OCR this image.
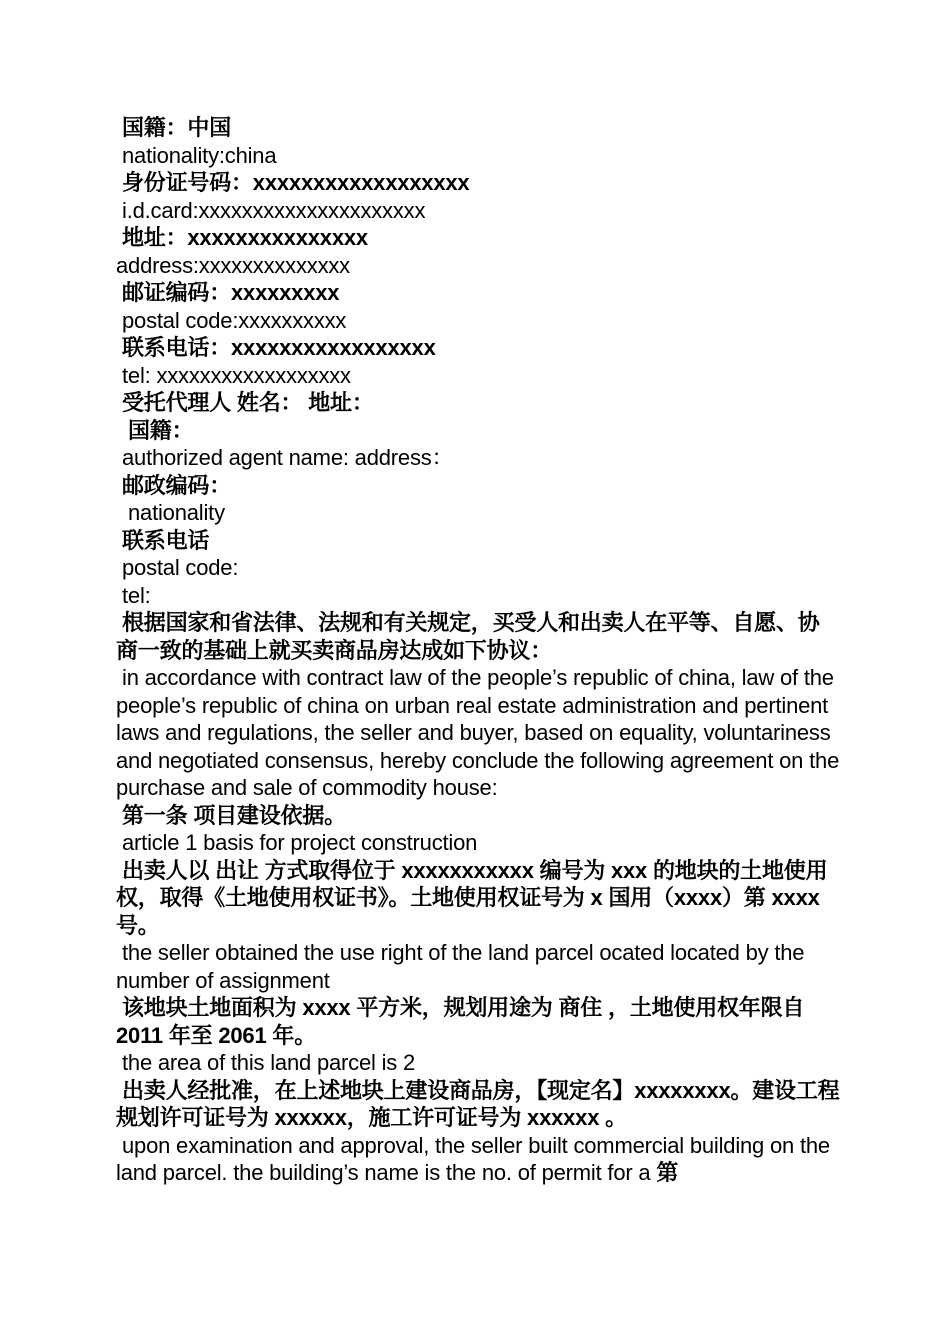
国籍：中国
nationality:china
身份证号码：xxxxxxxxxxxxxxxxxx
i.d.card:xxxxxxxxxxxxxxxxxxxxx
地址：xxxxxxxxxxxxxxx
address:xxxxxxxxxxxxxx
邮证编码：xxxxxxxxx
postal code:xxxxxxxxxx
联系电话：xxxxxxxxxxxxxxxxx
tel: xxxxxxxxxxxxxxxxxx
受托代理人 姓名： 地址：
国籍：
authorized agent name: address：
邮政编码：
nationality
联系电话
postal code:
tel:
根据国家和省法律、法规和有关规定，买受人和出卖人在平等、自愿、协商一致的基础上就买卖商品房达成如下协议：
in accordance with contract law of the people’s republic of china, law of the people’s republic of china on urban real estate administration and pertinent laws and regulations, the seller and buyer, based on equality, voluntariness and negotiated consensus, hereby conclude the following agreement on the purchase and sale of commodity house:
第一条 项目建设依据。
article 1 basis for project construction
出卖人以 出让 方式取得位于 xxxxxxxxxxx 编号为 xxx 的地块的土地使用权，取得《土地使用权证书》。土地使用权证号为 x 国用（xxxx）第 xxxx 号。
the seller obtained the use right of the land parcel ocated located by the number of assignment
该地块土地面积为 xxxx 平方米，规划用途为 商住 ，土地使用权年限自 2011 年至 2061 年。
the area of this land parcel is 2
出卖人经批准，在上述地块上建设商品房，【现定名】xxxxxxxx。建设工程规划许可证号为 xxxxxx，施工许可证号为 xxxxxx 。
upon examination and approval, the seller built commercial building on the land parcel. the building’s name is the no. of permit for a 第
